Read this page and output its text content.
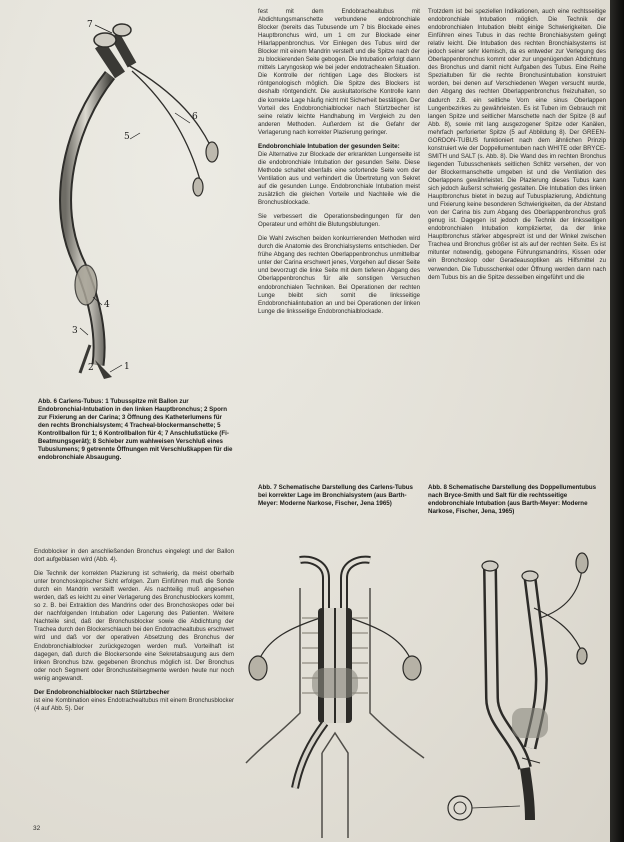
7
6
5
4
3
2	1
Abb. 6 Carlens-Tubus: 1 Tubusspitze mit Ballon zur Endobronchial-Intubation in den linken Hauptbronchus; 2 Sporn zur Fixierung an der Carina; 3 Öffnung des Katheterlumens für den rechts Bronchialsystem; 4 Tracheal-blockermanschette; 5 Kontrollballon für 1; 6 Kontrollballon für 4; 7 Anschlußstücke (Fi-Beatmungsgerät); 8 Schieber zum wahlweisen Verschluß eines Tubuslumens; 9 getrennte Öffnungen mit Verschlußkappen für die endobronchiale Absaugung.

fest mit dem Endobrachealtubus mit Abdichtungsmanschette verbundene endobronchiale Blocker (bereits das Tubusende um 7 bis Blockade eines Hauptbronchus wird, um 1 cm zur Blockade einer Hilarlappenbronchus. Vor Einlegen des Tubus wird der Blocker mit einem Mandrin versteift und die Spitze nach der zu blockierenden Seite gebogen. Die Intubation erfolgt dann mittels Laryngoskop wie bei jeder endotrachealen Situation. Die Kontrolle der richtigen Lage des Blockers ist röntgenologisch möglich. Die Spitze des Blockers ist deshalb röntgendicht. Die auskultatorische Kontrolle kann die korrekte Lage häufig nicht mit Sicherheit bestätigen. Der Vorteil des Endobronchialblocker nach Stürtzbecher ist seine relativ leichte Handhabung im Vergleich zu den anderen Methoden. Außerdem ist die Gefahr der Verlagerung nach korrekter Plazierung geringer.

Endobronchiale Intubation der gesunden Seite:

Die Alternative zur Blockade der erkrankten Lungenseite ist die endobronchiale Intubation der gesunden Seite. Diese Methode schaltet ebenfalls eine sofortende Seite vom der Ventilation aus und verhindert die Übertretung von Sekret auf die gesunden Lunge. Endobronchiale Intubation meist zusätzlich die gleichen Vorteile und Nachteile wie die Bronchusblockade.

Sie verbessert die Operationsbedingungen für den Operateur und erhöht die Blutungsblutungen.

Die Wahl zwischen beiden konkurrierenden Methoden wird durch die Anatomie des Bronchialsystems entschieden. Der frühe Abgang des rechten Oberlappenbronchus unmittelbar unter der Carina erschwert jenes, Vorgehen auf dieser Seite und bevorzugt die linke Seite mit dem tieferen Abgang des Oberlappenbronchus für alle sonstigen Versuchen endobronchialen Techniken. Bei Operationen der rechten Lunge bleibt sich somit die linksseitige Endobronchialintubation an und bei Operationen der linken Lunge die linksseitige Endobronchialblockade.

Trotzdem ist bei speziellen Indikationen, auch eine rechtsseitige endobronchiale Intubation möglich. Die Technik der endobronchialen Intubation bleibt einige Schwierigkeiten. Die Einführen eines Tubus in das rechte Bronchialsystem gelingt relativ leicht. Die Intubation des rechten Bronchialsystems ist jedoch seiner sehr klemisch, da es entweder zur Verlegung des Oberlappenbronchus kommt oder zur ungenügenden Abdichtung des Bronchus und damit nicht Aufgaben des Tubus. Eine Reihe Spezialtuben für die rechte Bronchusintubation konstruiert worden, bei denen auf Verschiedenen Wegen versucht wurde, den Abgang des rechten Oberlappenbronchus freizuhalten, so dadurch z.B. ein seitliche Vorn eine sinus Oberlappen Lungenbezirkes zu gewährleisten. Es ist Tuben im Gebrauch mit langen Spitze und seitlicher Manschette nach der Spitze (8 auf Abb. 8), sowie mit lang ausgezogener Spitze oder Kanälen, mehrfach perforierter Spitze (5 auf Abbildung 8). Der GREEN-GORDON-TUBUS funktioniert nach dem ähnlichen Prinzip konstruiert wie der Doppellumentuben nach WHITE oder BRYCE-SMITH und SALT (s. Abb. 8). Die Wand des im rechten Bronchus liegenden Tubusschenkels seitlichen Schlitz versehen, der von der Blockermanschette umgeben ist und die Ventilation des Oberlappens gewährleistet. Die Plazierung dieses Tubus kann sich jedoch äußerst schwierig gestalten. Die Intubation des linken Hauptbronchus bietet in bezug auf Tubusplazierung, Abdichtung und Fixierung keine besonderen Schwierigkeiten, da der Abstand von der Carina bis zum Abgang des Oberlappenbronchus groß genug ist. Dagegen ist jedoch die Technik der linksseitigen endobronchialen Intubation komplizierter, da der linke Hauptbronchus stärker abgespreizt ist und der Winkel zwischen Trachea und Bronchus größer ist als auf der rechten Seite. Es ist mitunter notwendig, gebogene Führungsmandrins, Kissen oder ein Bronchoskop oder Geradeausoptiken als Hilfsmittel zu verwenden. Die Tubusschenkel oder Öffnung werden dann nach dem Tubus bis an die Spitze desselben eingeführt und die

Abb. 7 Schematische Darstellung des Carlens-Tubus bei korrekter Lage im Bronchialsystem (aus Barth-Meyer: Moderne Narkose, Fischer, Jena 1965)
Abb. 8 Schematische Darstellung des Doppellumentubus nach Bryce-Smith und Salt für die rechtsseitige endobronchiale Intubation (aus Barth-Meyer: Moderne Narkose, Fischer, Jena, 1965)

Endoblocker in den anschließenden Bronchus eingelegt und der Ballon dort aufgeblasen wird (Abb. 4).

Die Technik der korrekten Plazierung ist schwierig, da meist oberhalb unter bronchoskopischer Sicht erfolgen. Zum Einführen muß die Sonde durch ein Mandrin versteift werden. Als nachteilig muß angesehen werden, daß es leicht zu einer Verlagerung des Bronchusblockers kommt, so z. B. bei Extraktion des Mandrins oder des Bronchoskopes oder bei der nachfolgenden Intubation oder Lagerung des Patienten. Weitere Nachteile sind, daß der Bronchusblocker sowie die Abdichtung der Trachea durch den Blockerschlauch bei den Endotrachealtubus erschwert wird und daß vor der operativen Absetzung des Bronchus der Endobronchialblocker zurückgezogen werden muß. Vorteilhaft ist dagegen, daß durch die Blockersonde eine Sekretabsaugung aus dem linken Bronchus bzw. gegebenen Bronchus möglich ist. Der Bronchus oder noch Segment oder Bronchusteilsegmente werden heute nur noch wenig angewandt.

Der Endobronchialblocker nach Stürtzbecher

ist eine Kombination eines Endotrachealtubus mit einem Bronchusblocker (4 auf Abb. 5). Der

32
